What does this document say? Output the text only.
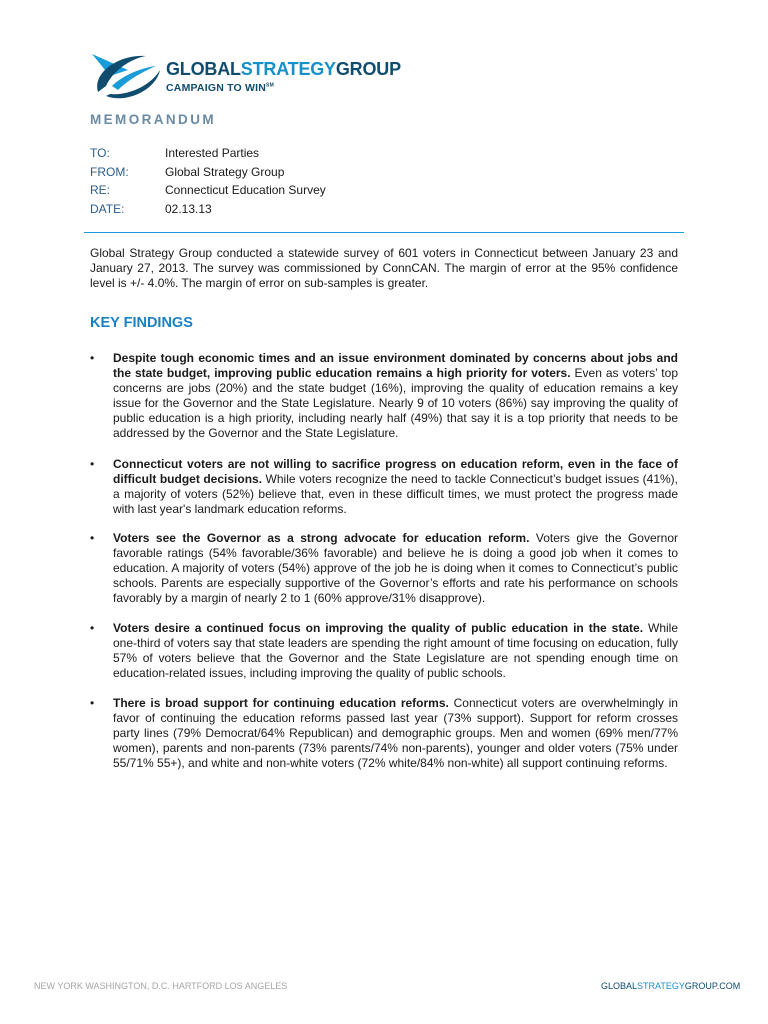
GLOBALSTRATEGYGROUP
CAMPAIGN TO WIN℠
MEMORANDUM
TO:	Interested Parties
FROM:	Global Strategy Group
RE:	Connecticut Education Survey
DATE:	02.13.13
Global Strategy Group conducted a statewide survey of 601 voters in Connecticut between January 23 and January 27, 2013. The survey was commissioned by ConnCAN. The margin of error at the 95% confidence level is +/- 4.0%. The margin of error on sub-samples is greater.
KEY FINDINGS
•	Despite tough economic times and an issue environment dominated by concerns about jobs and the state budget, improving public education remains a high priority for voters. Even as voters’ top concerns are jobs (20%) and the state budget (16%), improving the quality of education remains a key issue for the Governor and the State Legislature. Nearly 9 of 10 voters (86%) say improving the quality of public education is a high priority, including nearly half (49%) that say it is a top priority that needs to be addressed by the Governor and the State Legislature.
•	Connecticut voters are not willing to sacrifice progress on education reform, even in the face of difficult budget decisions. While voters recognize the need to tackle Connecticut’s budget issues (41%), a majority of voters (52%) believe that, even in these difficult times, we must protect the progress made with last year's landmark education reforms.
•	Voters see the Governor as a strong advocate for education reform. Voters give the Governor favorable ratings (54% favorable/36% favorable) and believe he is doing a good job when it comes to education. A majority of voters (54%) approve of the job he is doing when it comes to Connecticut’s public schools. Parents are especially supportive of the Governor’s efforts and rate his performance on schools favorably by a margin of nearly 2 to 1 (60% approve/31% disapprove).
•	Voters desire a continued focus on improving the quality of public education in the state. While one-third of voters say that state leaders are spending the right amount of time focusing on education, fully 57% of voters believe that the Governor and the State Legislature are not spending enough time on education-related issues, including improving the quality of public schools.
•	There is broad support for continuing education reforms. Connecticut voters are overwhelmingly in favor of continuing the education reforms passed last year (73% support). Support for reform crosses party lines (79% Democrat/64% Republican) and demographic groups. Men and women (69% men/77% women), parents and non-parents (73% parents/74% non-parents), younger and older voters (75% under 55/71% 55+), and white and non-white voters (72% white/84% non-white) all support continuing reforms.
NEW YORK WASHINGTON, D.C. HARTFORD LOS ANGELES	GLOBALSTRATEGYGROUP.COM
